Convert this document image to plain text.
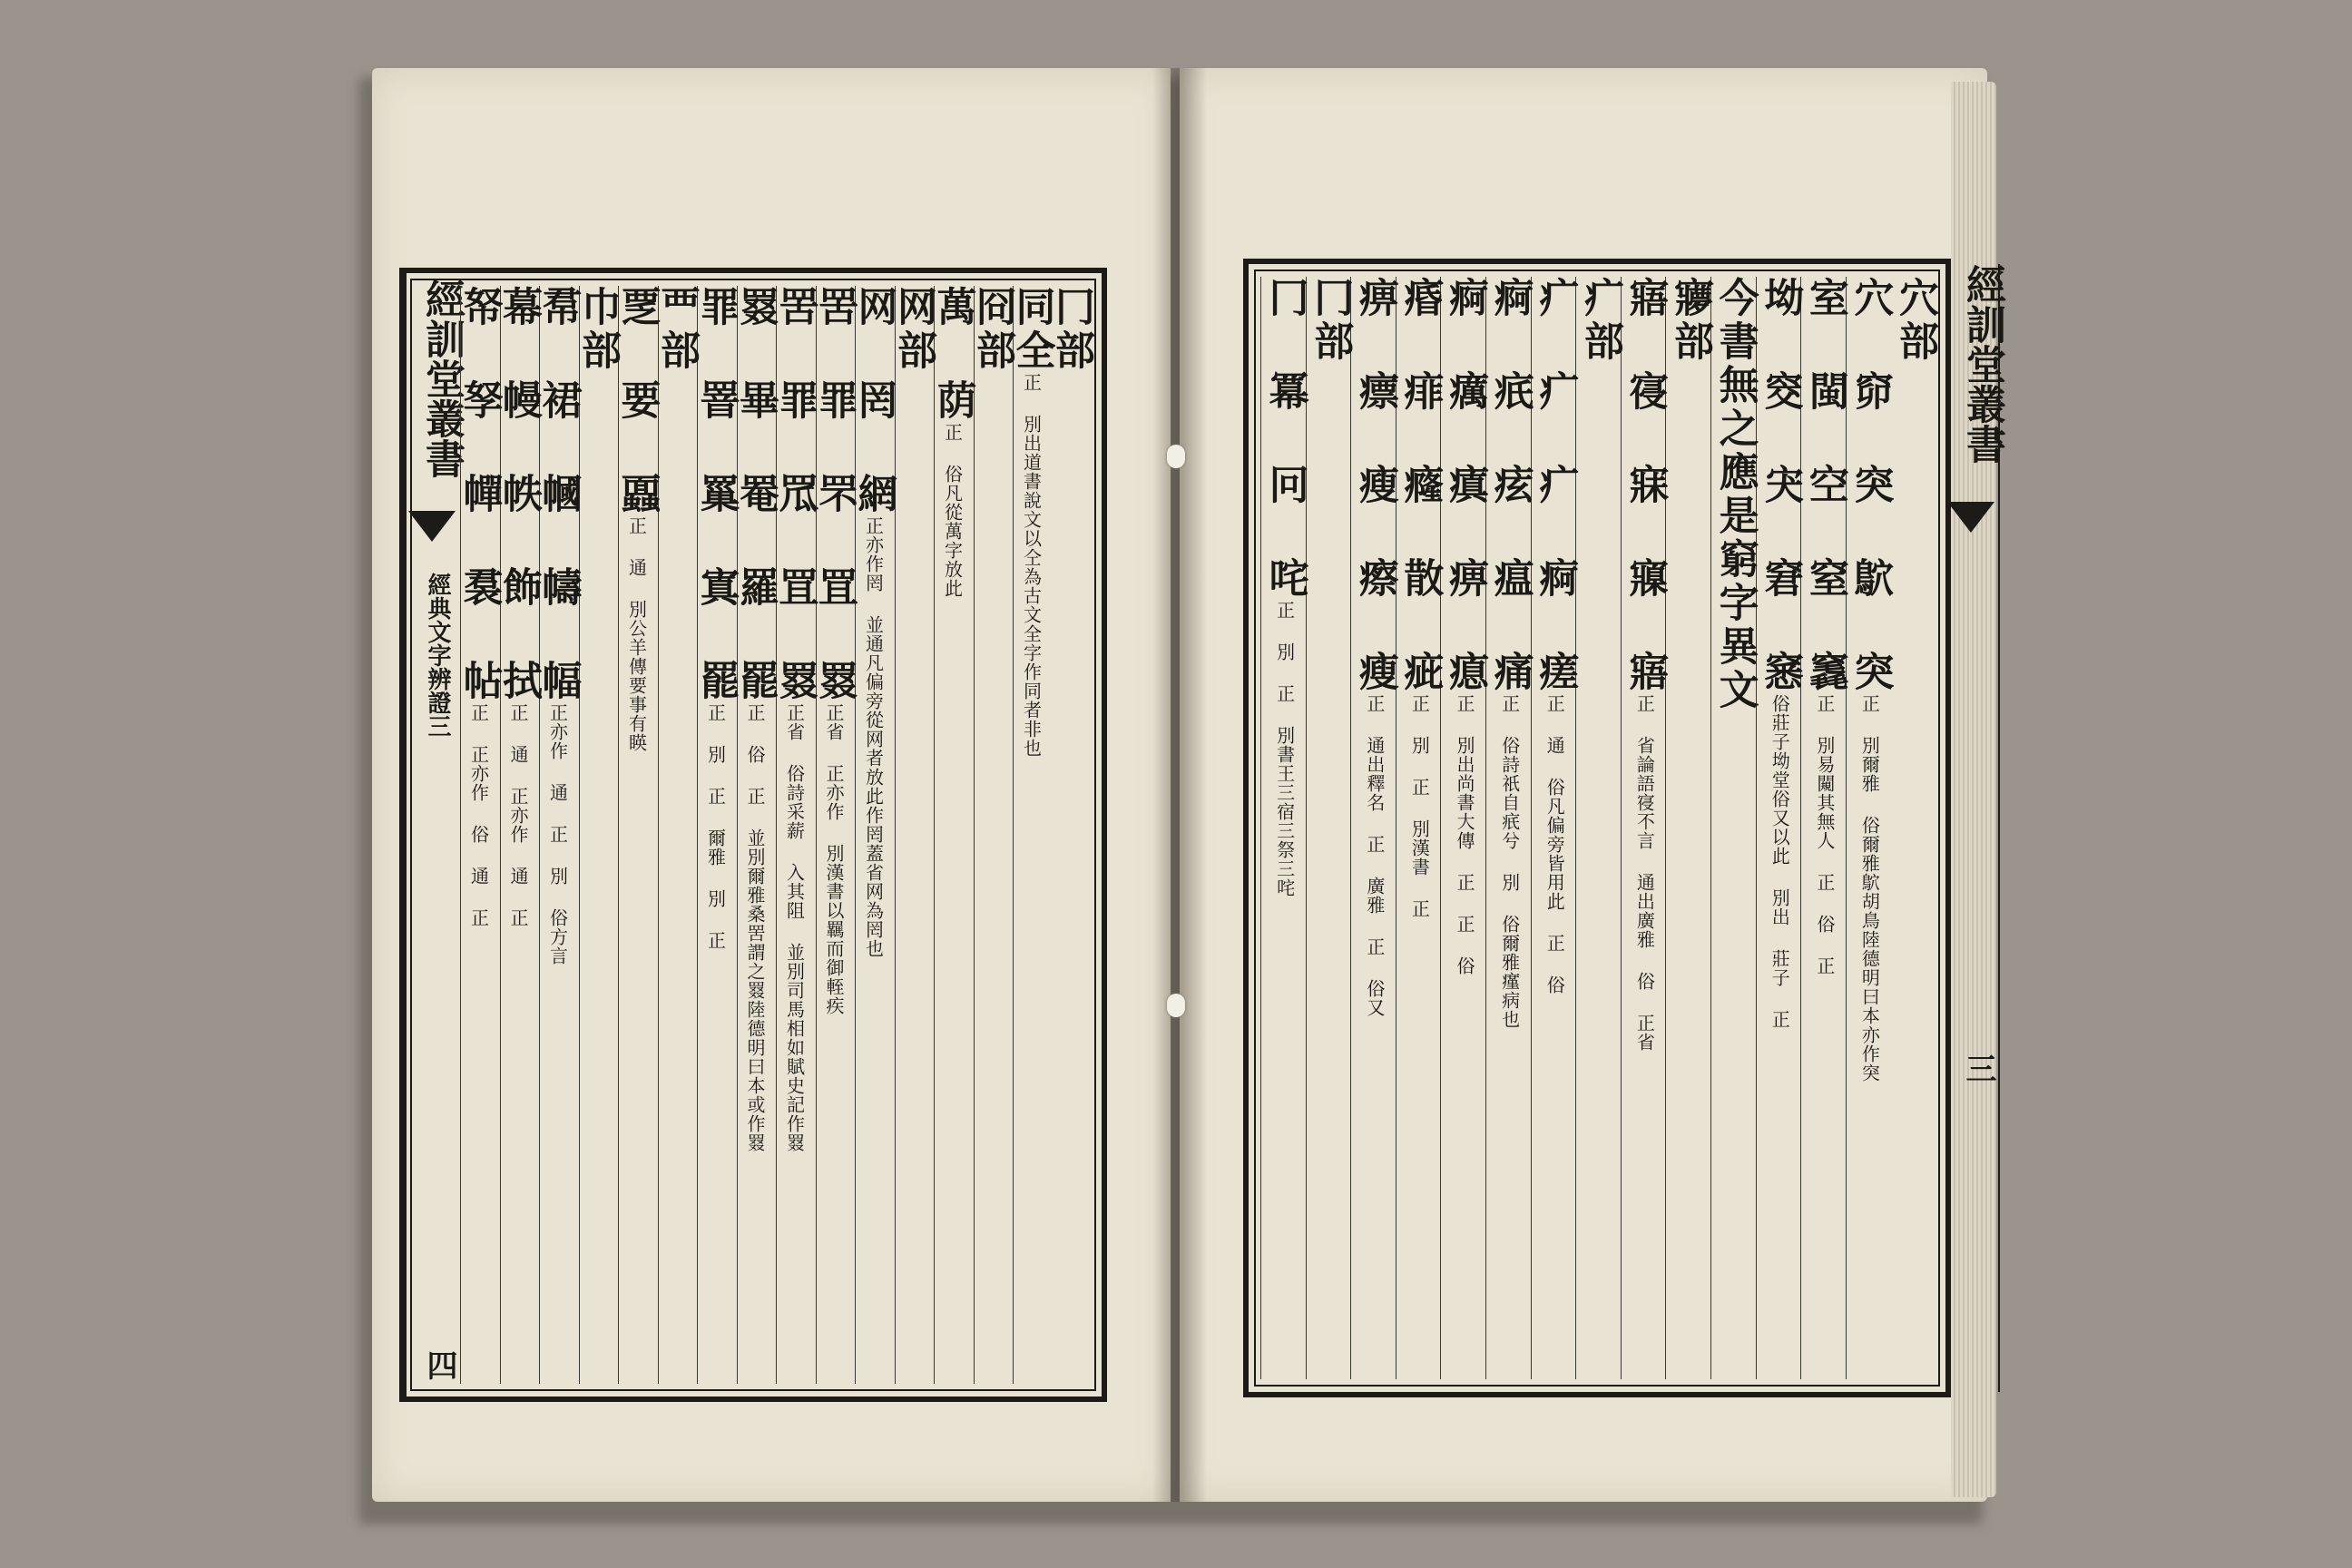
經訓堂叢書
經典文字辨證三
四
冂部
同全正 別出道書說文以仝為古文全字作同者非也
冏部
萬 荫正 俗凡從萬字放此
网部
网 罔 網正亦作罔 並通凡偏旁從网者放此作罔蓋省网為罔也
罟 罪 罘 罝 罬正省 正亦作 別漢書以羈而御輊疾
罟 罪 罛 罝 罬正省 俗詩采薪 入其阻 並別司馬相如賦史記作罬
罬 畢 罨 羅 罷正 俗 正 並別爾雅桑罟謂之罬陸德明曰本或作罬
罪 罯 罺 寘 罷正 別 正 爾雅 別 正
覀部
覂 要 蠠正 通 別公羊傳要事有䁐
巾部
帬 裙 幗 幬 幅正亦作 通 正 別 俗方言
幕 幔 帙 飾 拭正 通 正亦作 通 正
帑 孥 幝 裠 帖正 正亦作 俗 通 正
經訓堂叢書
三
穴部
穴 窌 突 鴥 突正 別爾雅 俗爾雅鴥胡鳥陸德明曰本亦作突
室 閩 空 窒 竁正 別易闚其無人 正 俗 正
坳 窔 宊 窘 窸俗莊子坳堂俗又以此 別出 莊子 正
今書無之應是窮字異文
㝱部
寤 寑 寐 寱 寤正 省論語寑不言 通出廣雅 俗 正省
疒部
疒 疒 疒 痾 瘥正 通 俗凡偏旁皆用此 正 俗
痾 疧 痃 瘟 痛正 俗詩祇自疧兮 別 俗爾雅瘽病也
痾 癘 瘨 痹 瘜正 別出尚書大傳 正 正 俗
痻 痱 癃 散 疵正 別 正 別漢書 正
痹 瘭 瘦 瘵 瘦正 通出釋名 正 廣雅 正 俗又
冂部
冂 冪 冋 咤正 別 正 別書王三宿三祭三咤
